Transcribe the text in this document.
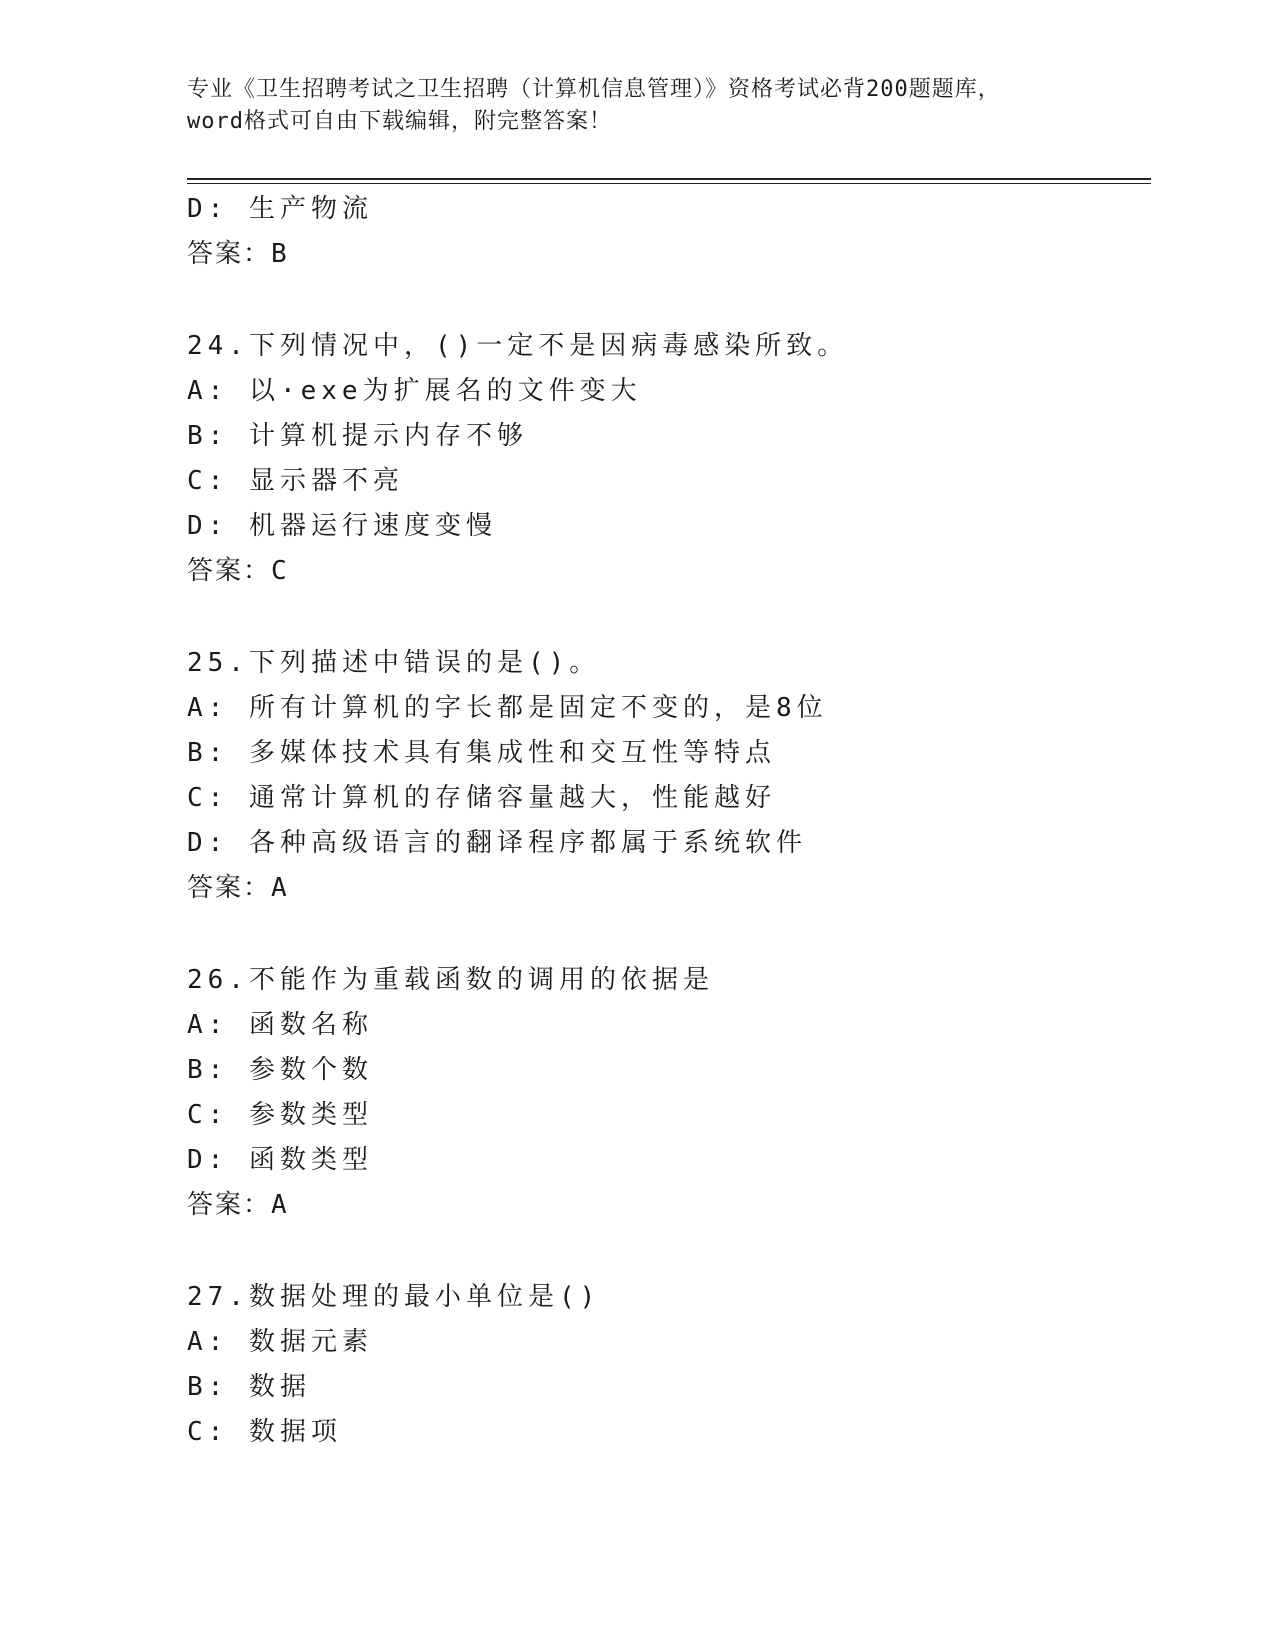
专业《卫生招聘考试之卫生招聘（计算机信息管理）》资格考试必背200题题库，
word格式可自由下载编辑，附完整答案！
D: 生产物流
答案：B
24.下列情况中，()一定不是因病毒感染所致。
A: 以·exe为扩展名的文件变大
B: 计算机提示内存不够
C: 显示器不亮
D: 机器运行速度变慢
答案：C
25.下列描述中错误的是()。
A: 所有计算机的字长都是固定不变的，是8位
B: 多媒体技术具有集成性和交互性等特点
C: 通常计算机的存储容量越大，性能越好
D: 各种高级语言的翻译程序都属于系统软件
答案：A
26.不能作为重载函数的调用的依据是
A: 函数名称
B: 参数个数
C: 参数类型
D: 函数类型
答案：A
27.数据处理的最小单位是()
A: 数据元素
B: 数据
C: 数据项
